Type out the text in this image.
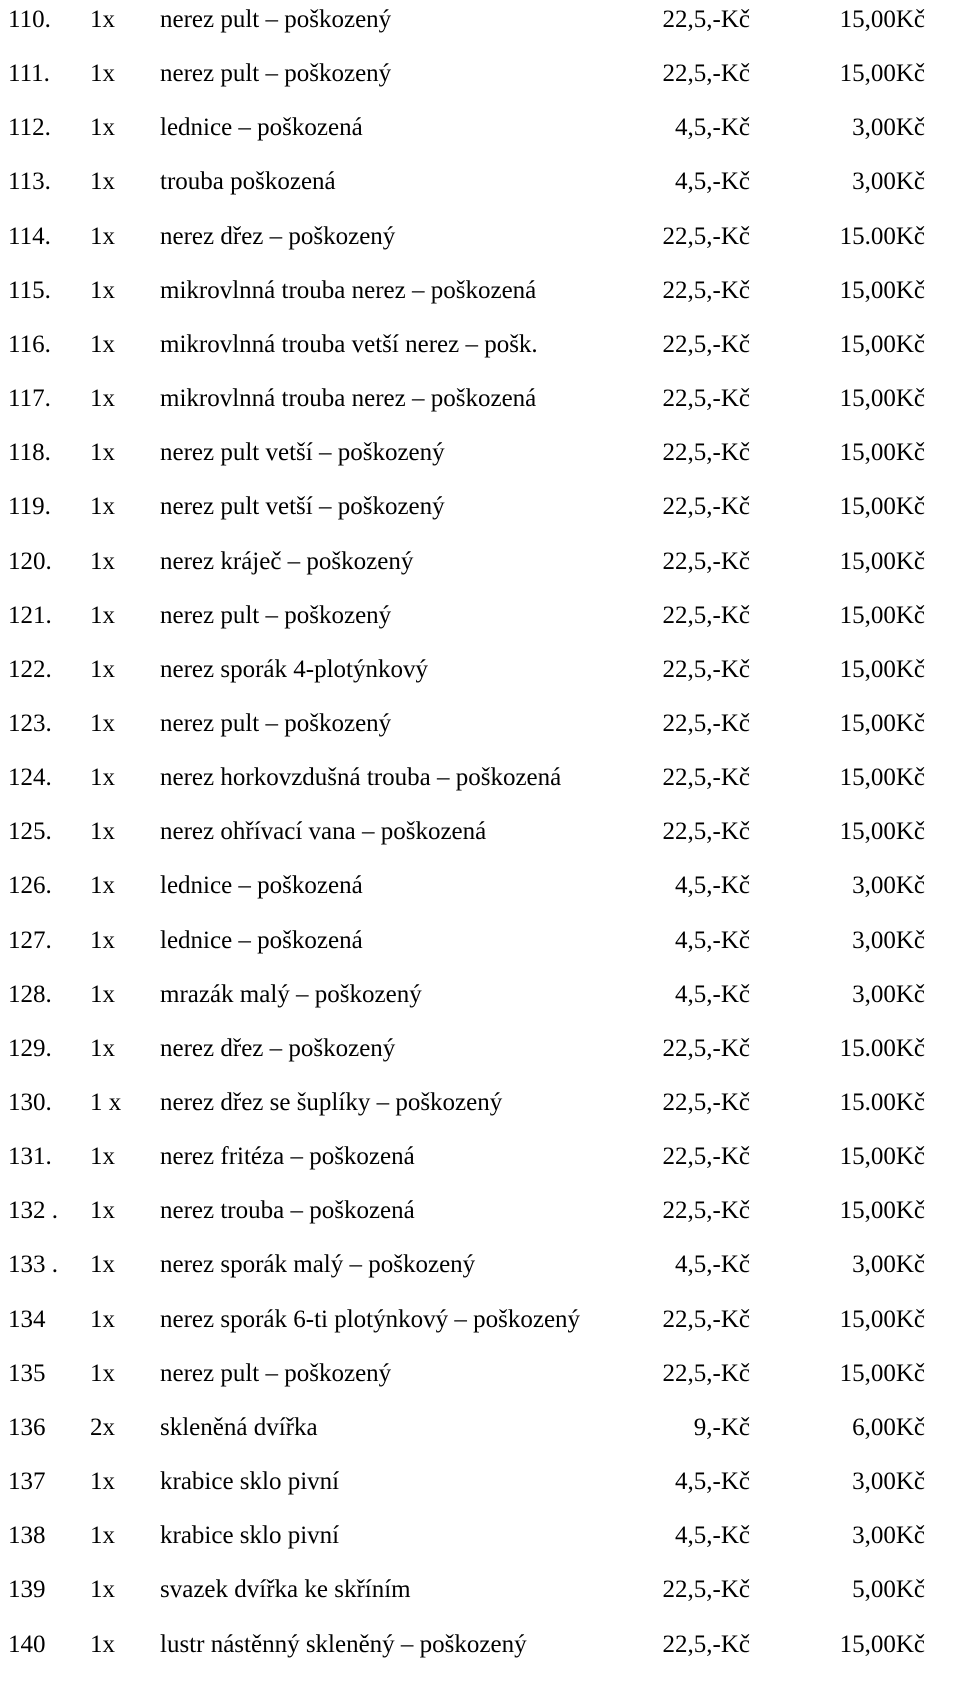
110. 1x nerez pult – poškozený	22,5,-Kč	15,00Kč
111. 1x nerez pult – poškozený	22,5,-Kč	15,00Kč
112. 1x lednice – poškozená	4,5,-Kč	3,00Kč
113. 1x trouba poškozená	4,5,-Kč	3,00Kč
114. 1x nerez dřez – poškozený	22,5,-Kč	15.00Kč
115. 1x mikrovlnná trouba nerez – poškozená	22,5,-Kč	15,00Kč
116. 1x mikrovlnná trouba vetší nerez – pošk.	22,5,-Kč	15,00Kč
117. 1x mikrovlnná trouba nerez – poškozená	22,5,-Kč	15,00Kč
118. 1x nerez pult vetší – poškozený	22,5,-Kč	15,00Kč
119. 1x nerez pult vetší – poškozený	22,5,-Kč	15,00Kč
120. 1x nerez kráječ – poškozený	22,5,-Kč	15,00Kč
121. 1x nerez pult – poškozený	22,5,-Kč	15,00Kč
122. 1x nerez sporák 4-plotýnkový	22,5,-Kč	15,00Kč
123. 1x nerez pult – poškozený	22,5,-Kč	15,00Kč
124. 1x nerez horkovzdušná trouba – poškozená	22,5,-Kč	15,00Kč
125. 1x nerez ohřívací vana – poškozená	22,5,-Kč	15,00Kč
126. 1x lednice – poškozená	4,5,-Kč	3,00Kč
127. 1x lednice – poškozená	4,5,-Kč	3,00Kč
128. 1x mrazák malý – poškozený	4,5,-Kč	3,00Kč
129. 1x nerez dřez – poškozený	22,5,-Kč	15.00Kč
130. 1 x nerez dřez se šuplíky – poškozený	22,5,-Kč	15.00Kč
131. 1x nerez fritéza – poškozená	22,5,-Kč	15,00Kč
132 . 1x nerez trouba – poškozená	22,5,-Kč	15,00Kč
133 . 1x nerez sporák malý – poškozený	4,5,-Kč	3,00Kč
134 1x nerez sporák 6-ti plotýnkový – poškozený	22,5,-Kč	15,00Kč
135 1x nerez pult – poškozený	22,5,-Kč	15,00Kč
136 2x skleněná dvířka	9,-Kč	6,00Kč
137 1x krabice sklo pivní	4,5,-Kč	3,00Kč
138 1x krabice sklo pivní	4,5,-Kč	3,00Kč
139 1x svazek dvířka ke skříním	22,5,-Kč	5,00Kč
140 1x lustr nástěnný skleněný – poškozený	22,5,-Kč	15,00Kč
